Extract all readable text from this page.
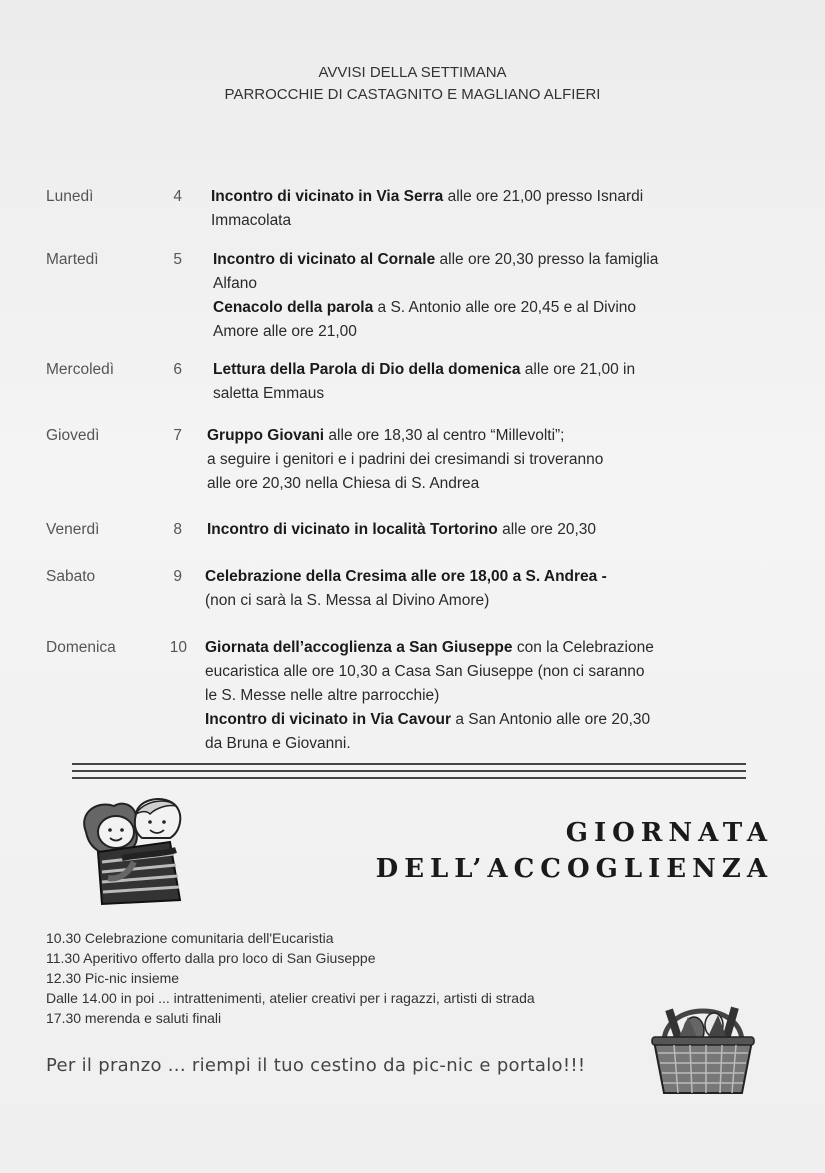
AVVISI DELLA SETTIMANA
PARROCCHIE DI CASTAGNITO E MAGLIANO ALFIERI
Lunedì	4 Incontro di vicinato in Via Serra alle ore 21,00 presso Isnardi
Immacolata
Martedì	5 Incontro di vicinato al Cornale alle ore 20,30 presso la famiglia
Alfano
Cenacolo della parola a S. Antonio alle ore 20,45 e al Divino
Amore alle ore 21,00
Mercoledì	6 Lettura della Parola di Dio della domenica alle ore 21,00 in
saletta Emmaus
Giovedì	7 Gruppo Giovani alle ore 18,30 al centro “Millevolti”;
a seguire i genitori e i padrini dei cresimandi si troveranno
alle ore 20,30 nella Chiesa di S. Andrea
Venerdì	8 Incontro di vicinato in località Tortorino alle ore 20,30
Sabato	9 Celebrazione della Cresima alle ore 18,00 a S. Andrea -
(non ci sarà la S. Messa al Divino Amore)
Domenica	10 Giornata dell’accoglienza a San Giuseppe con la Celebrazione
eucaristica alle ore 10,30 a Casa San Giuseppe (non ci saranno
le S. Messe nelle altre parrocchie)
Incontro di vicinato in Via Cavour a San Antonio alle ore 20,30
da Bruna e Giovanni.
GIORNATA
DELL’ACCOGLIENZA
10.30 Celebrazione comunitaria dell'Eucaristia
11.30 Aperitivo offerto dalla pro loco di San Giuseppe
12.30 Pic-nic insieme
Dalle 14.00 in poi ... intrattenimenti, atelier creativi per i ragazzi, artisti di strada
17.30 merenda e saluti finali
Per il pranzo ... riempi il tuo cestino da pic-nic e portalo!!!
